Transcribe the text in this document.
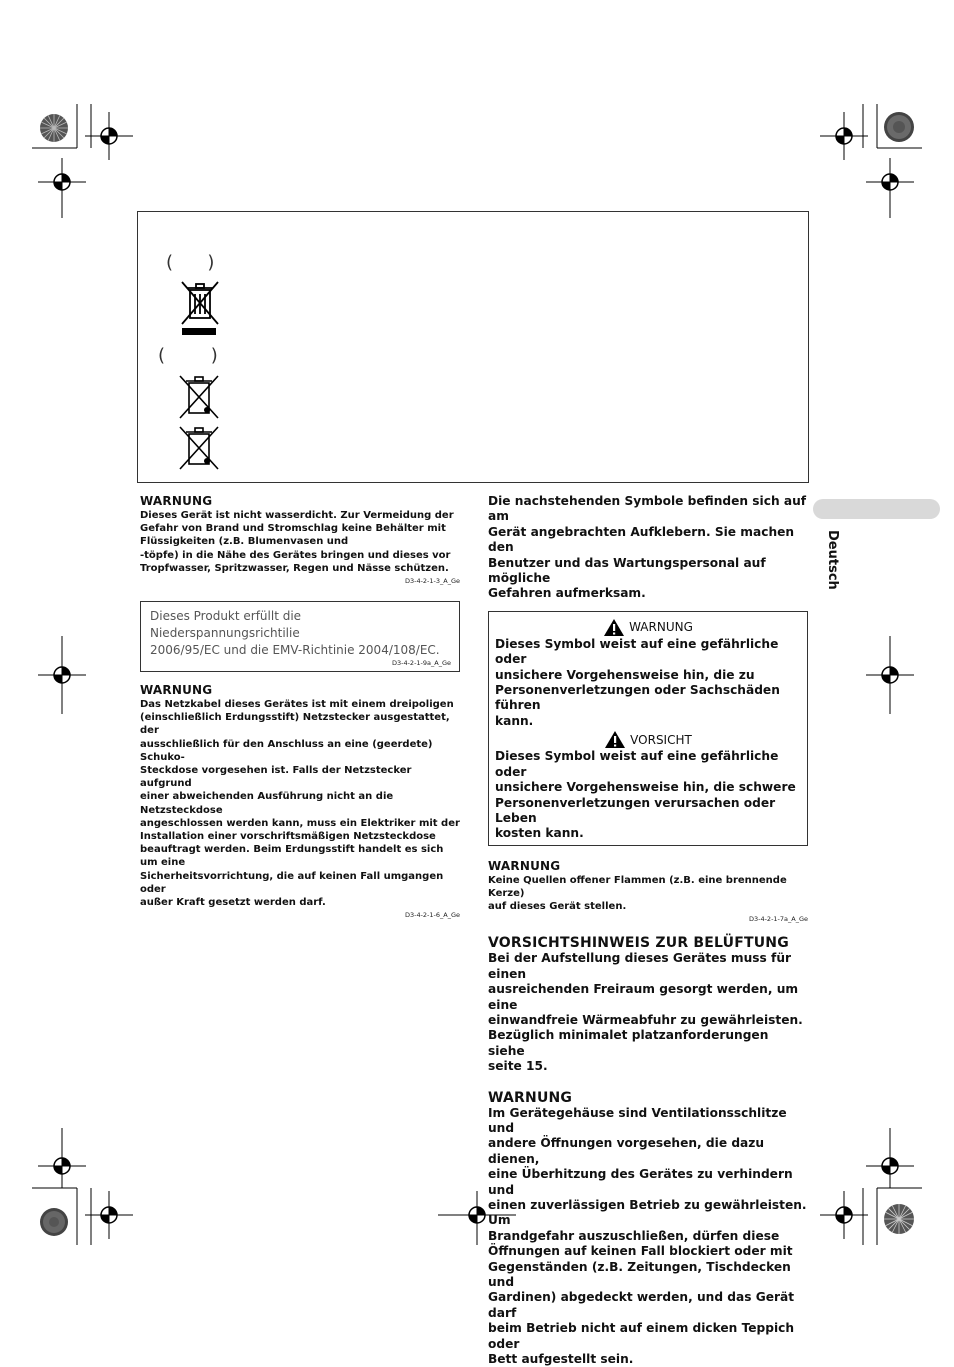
(      )
(        )

WARNUNG

Dieses Gerät ist nicht wasserdicht. Zur Vermeidung der

Gefahr von Brand und Stromschlag keine Behälter mit

Flüssigkeiten (z.B. Blumenvasen und

-töpfe) in die Nähe des Gerätes bringen und dieses vor

Tropfwasser, Spritzwasser, Regen und Nässe schützen.

D3-4-2-1-3_A_Ge

Dieses Produkt erfüllt die Niederspannungsrichtilie

2006/95/EC und die EMV-Richtinie 2004/108/EC.

D3-4-2-1-9a_A_Ge

WARNUNG

Das Netzkabel dieses Gerätes ist mit einem dreipoligen

(einschließlich Erdungsstift) Netzstecker ausgestattet, der

ausschließlich für den Anschluss an eine (geerdete) Schuko-

Steckdose vorgesehen ist. Falls der Netzstecker aufgrund

einer abweichenden Ausführung nicht an die Netzsteckdose

angeschlossen werden kann, muss ein Elektriker mit der

Installation einer vorschriftsmäßigen Netzsteckdose

beauftragt werden. Beim Erdungsstift handelt es sich um eine

Sicherheitsvorrichtung, die auf keinen Fall umgangen oder

außer Kraft gesetzt werden darf.

D3-4-2-1-6_A_Ge

Die nachstehenden Symbole befinden sich auf am

Gerät angebrachten Aufklebern. Sie machen den

Benutzer und das Wartungspersonal auf mögliche

Gefahren aufmerksam.

WARNUNG

Dieses Symbol weist auf eine gefährliche oder

unsichere Vorgehensweise hin, die zu

Personenverletzungen oder Sachschäden führen

kann.

VORSICHT

Dieses Symbol weist auf eine gefährliche oder

unsichere Vorgehensweise hin, die schwere

Personenverletzungen verursachen oder Leben

kosten kann.

WARNUNG

Keine Quellen offener Flammen (z.B. eine brennende Kerze)

auf dieses Gerät stellen.

D3-4-2-1-7a_A_Ge

VORSICHTSHINWEIS ZUR BELÜFTUNG

Bei der Aufstellung dieses Gerätes muss für einen

ausreichenden Freiraum gesorgt werden, um eine

einwandfreie Wärmeabfuhr zu gewährleisten.

Bezüglich minimalet platzanforderungen siehe

seite 15.

WARNUNG

Im Gerätegehäuse sind Ventilationsschlitze und

andere Öffnungen vorgesehen, die dazu dienen,

eine Überhitzung des Gerätes zu verhindern und

einen zuverlässigen Betrieb zu gewährleisten. Um

Brandgefahr auszuschließen, dürfen diese

Öffnungen auf keinen Fall blockiert oder mit

Gegenständen (z.B. Zeitungen, Tischdecken und

Gardinen) abgedeckt werden, und das Gerät darf

beim Betrieb nicht auf einem dicken Teppich oder

Bett aufgestellt sein.

Deutsch
